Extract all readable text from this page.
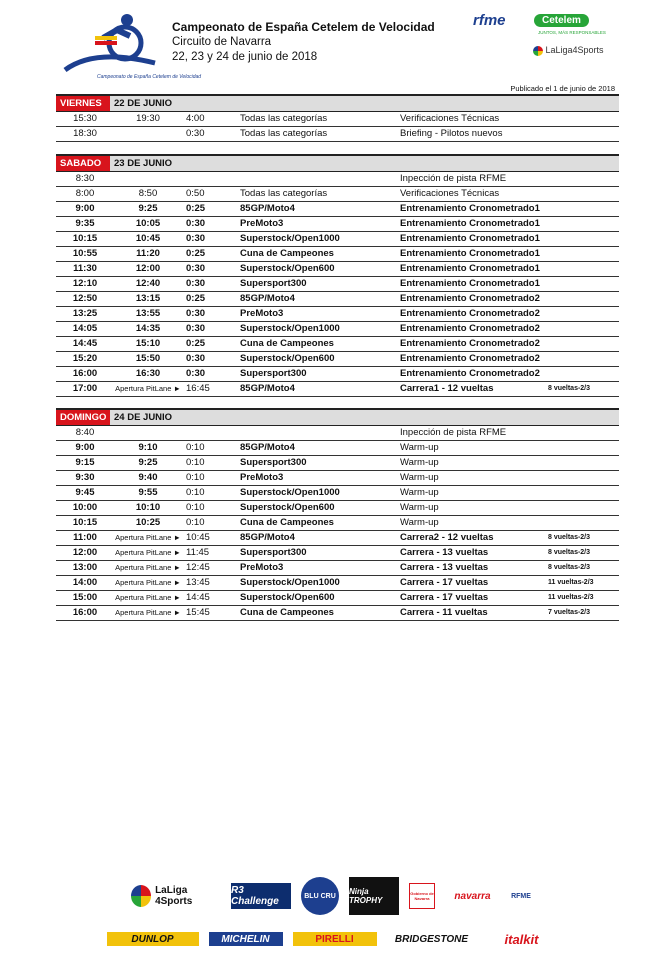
Campeonato de España Cetelem de Velocidad
Campeonato de España Cetelem de Velocidad
Circuito de Navarra
22, 23 y 24 de junio de 2018
rfme	Cetelem
JUNTOS, MÁS RESPONSABLES
LaLiga4Sports
Publicado el 1 de junio de 2018
VIERNES	22 DE JUNIO				
15:30	19:30	4:00	Todas las categorías	Verificaciones Técnicas	
18:30		0:30	Todas las categorías	Briefing - Pilotos nuevos	
SABADO	23 DE JUNIO				
8:30				Inpección de pista RFME	
8:00	8:50	0:50	Todas las categorías	Verificaciones Técnicas	
9:00	9:25	0:25	85GP/Moto4	Entrenamiento Cronometrado1	
9:35	10:05	0:30	PreMoto3	Entrenamiento Cronometrado1	
10:15	10:45	0:30	Superstock/Open1000	Entrenamiento Cronometrado1	
10:55	11:20	0:25	Cuna de Campeones	Entrenamiento Cronometrado1	
11:30	12:00	0:30	Superstock/Open600	Entrenamiento Cronometrado1	
12:10	12:40	0:30	Supersport300	Entrenamiento Cronometrado1	
12:50	13:15	0:25	85GP/Moto4	Entrenamiento Cronometrado2	
13:25	13:55	0:30	PreMoto3	Entrenamiento Cronometrado2	
14:05	14:35	0:30	Superstock/Open1000	Entrenamiento Cronometrado2	
14:45	15:10	0:25	Cuna de Campeones	Entrenamiento Cronometrado2	
15:20	15:50	0:30	Superstock/Open600	Entrenamiento Cronometrado2	
16:00	16:30	0:30	Supersport300	Entrenamiento Cronometrado2	
17:00	Apertura PitLane ►	16:45	85GP/Moto4	Carrera1 - 12 vueltas	8 vueltas-2/3
DOMINGO	24 DE JUNIO				
8:40				Inpección de pista RFME	
9:00	9:10	0:10	85GP/Moto4	Warm-up	
9:15	9:25	0:10	Supersport300	Warm-up	
9:30	9:40	0:10	PreMoto3	Warm-up	
9:45	9:55	0:10	Superstock/Open1000	Warm-up	
10:00	10:10	0:10	Superstock/Open600	Warm-up	
10:15	10:25	0:10	Cuna de Campeones	Warm-up	
11:00	Apertura PitLane ►	10:45	85GP/Moto4	Carrera2 - 12 vueltas	8 vueltas-2/3
12:00	Apertura PitLane ►	11:45	Supersport300	Carrera - 13 vueltas	8 vueltas-2/3
13:00	Apertura PitLane ►	12:45	PreMoto3	Carrera - 13 vueltas	8 vueltas-2/3
14:00	Apertura PitLane ►	13:45	Superstock/Open1000	Carrera - 17 vueltas	11 vueltas-2/3
15:00	Apertura PitLane ►	14:45	Superstock/Open600	Carrera - 17 vueltas	11 vueltas-2/3
16:00	Apertura PitLane ►	15:45	Cuna de Campeones	Carrera - 11 vueltas	7 vueltas-2/3
LaLiga 4Sports
R3 Challenge	BLU CRU	Ninja TROPHY
Gobierno de Navarra	navarra	RFME
DUNLOP	MICHELIN	PIRELLI	BRIDGESTONE	italkit
